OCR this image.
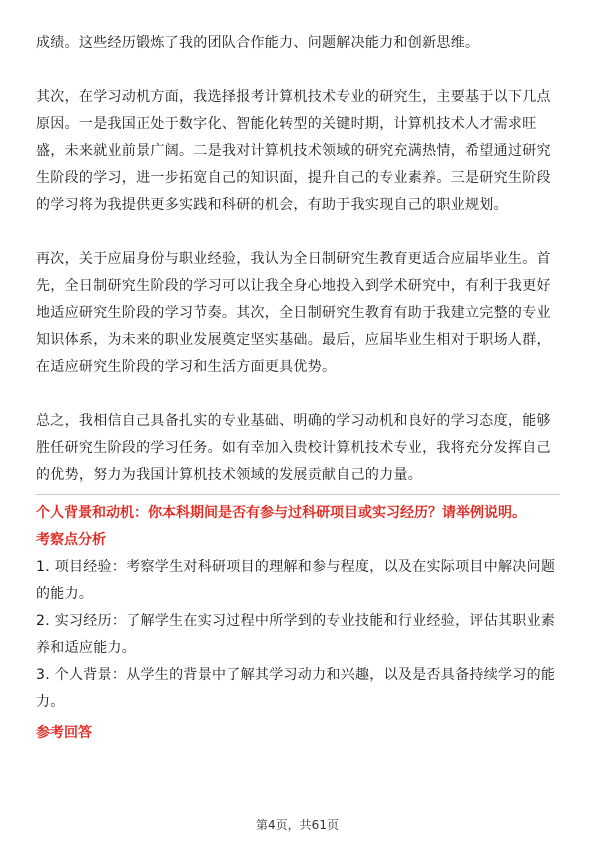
成绩。这些经历锻炼了我的团队合作能力、问题解决能力和创新思维。

其次，在学习动机方面，我选择报考计算机技术专业的研究生，主要基于以下几点原因。一是我国正处于数字化、智能化转型的关键时期，计算机技术人才需求旺盛，未来就业前景广阔。二是我对计算机技术领域的研究充满热情，希望通过研究生阶段的学习，进一步拓宽自己的知识面，提升自己的专业素养。三是研究生阶段的学习将为我提供更多实践和科研的机会，有助于我实现自己的职业规划。

再次，关于应届身份与职业经验，我认为全日制研究生教育更适合应届毕业生。首先，全日制研究生阶段的学习可以让我全身心地投入到学术研究中，有利于我更好地适应研究生阶段的学习节奏。其次，全日制研究生教育有助于我建立完整的专业知识体系，为未来的职业发展奠定坚实基础。最后，应届毕业生相对于职场人群，在适应研究生阶段的学习和生活方面更具优势。

总之，我相信自己具备扎实的专业基础、明确的学习动机和良好的学习态度，能够胜任研究生阶段的学习任务。如有幸加入贵校计算机技术专业，我将充分发挥自己的优势，努力为我国计算机技术领域的发展贡献自己的力量。

个人背景和动机：你本科期间是否有参与过科研项目或实习经历？请举例说明。

考察点分析

1. 项目经验：考察学生对科研项目的理解和参与程度，以及在实际项目中解决问题的能力。

2. 实习经历：了解学生在实习过程中所学到的专业技能和行业经验，评估其职业素养和适应能力。

3. 个人背景：从学生的背景中了解其学习动力和兴趣，以及是否具备持续学习的能力。

参考回答

第4页，共61页
